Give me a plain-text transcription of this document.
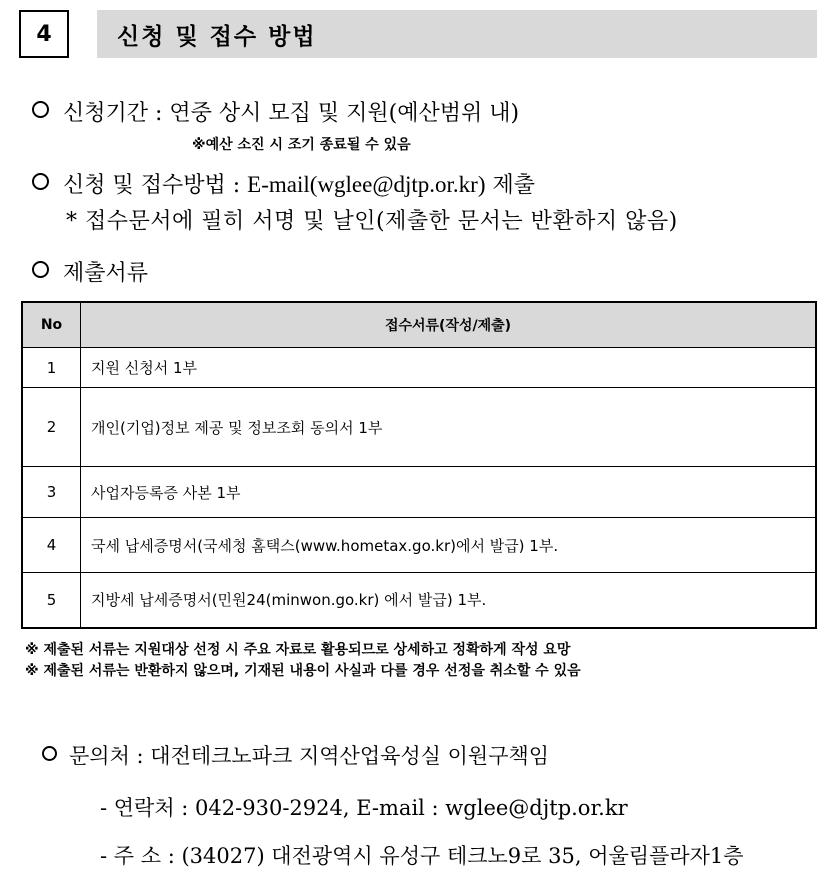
4	신청 및 접수 방법
신청기간 : 연중 상시 모집 및 지원(예산범위 내)
※예산 소진 시 조기 종료될 수 있음
신청 및 접수방법 : E-mail(wglee@djtp.or.kr) 제출
* 접수문서에 필히 서명 및 날인(제출한 문서는 반환하지 않음)
제출서류
No	접수서류(작성/제출)
1	지원 신청서 1부
2	개인(기업)정보 제공 및 정보조회 동의서 1부
3	사업자등록증 사본 1부
4	국세 납세증명서(국세청 홈택스(www.hometax.go.kr)에서 발급) 1부.
5	지방세 납세증명서(민원24(minwon.go.kr) 에서 발급) 1부.
※ 제출된 서류는 지원대상 선정 시 주요 자료로 활용되므로 상세하고 정확하게 작성 요망
※ 제출된 서류는 반환하지 않으며, 기재된 내용이 사실과 다를 경우 선정을 취소할 수 있음
문의처 : 대전테크노파크 지역산업육성실 이원구책임
- 연락처 : 042-930-2924, E-mail : wglee@djtp.or.kr
- 주 소 : (34027) 대전광역시 유성구 테크노9로 35, 어울림플라자1층
